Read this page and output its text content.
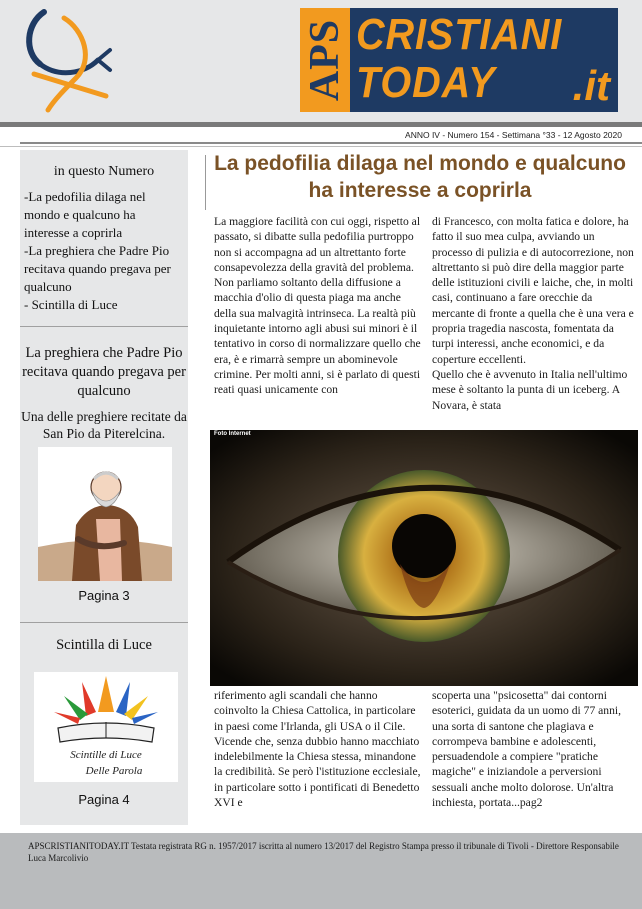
APS CRISTIANI
TODAY .it
ANNO IV - Numero 154 - Settimana °33 - 12 Agosto 2020
in questo Numero
-La pedofilia dilaga nel mondo e qualcuno ha interesse a coprirla
-La preghiera che Padre Pio recitava quando pregava per qualcuno
- Scintilla di Luce
La preghiera che Padre Pio recitava quando pregava per qualcuno
Una delle preghiere recitate da San Pio da Piterelcina.
Pagina 3
Scintilla di Luce
Scintille di Luce
Delle Parola
Pagina 4
La pedofilia dilaga nel mondo e qualcuno ha interesse a coprirla
La maggiore facilità con cui oggi, rispetto al passato, si dibatte sulla pedofilia purtroppo non si accompagna ad un altrettanto forte consapevolezza della gravità del problema. Non parliamo soltanto della diffusione a macchia d'olio di questa piaga ma anche della sua malvagità intrinseca. La realtà più inquietante intorno agli abusi sui minori è il tentativo in corso di normalizzare quello che era, è e rimarrà sempre un abominevole crimine. Per molti anni, si è parlato di questi reati quasi unicamente con
di Francesco, con molta fatica e dolore, ha fatto il suo mea culpa, avviando un processo di pulizia e di autocorrezione, non altrettanto si può dire della maggior parte delle istituzioni civili e laiche, che, in molti casi, continuano a fare orecchie da mercante di fronte a quella che è una vera e propria tragedia nascosta, fomentata da turpi interessi, anche economici, e da coperture eccellenti.
Quello che è avvenuto in Italia nell'ultimo mese è soltanto la punta di un iceberg. A Novara, è stata
Foto Internet
riferimento agli scandali che hanno coinvolto la Chiesa Cattolica, in particolare in paesi come l'Irlanda, gli USA o il Cile. Vicende che, senza dubbio hanno macchiato indelebilmente la Chiesa stessa, minandone la credibilità. Se però l'istituzione ecclesiale, in particolare sotto i pontificati di Benedetto XVI e
scoperta una "psicosetta" dai contorni esoterici, guidata da un uomo di 77 anni, una sorta di santone che plagiava e corrompeva bambine e adolescenti, persuadendole a compiere "pratiche magiche" e iniziandole a perversioni sessuali anche molto dolorose. Un'altra inchiesta, portata...pag2
APSCRISTIANITODAY.IT Testata registrata RG n. 1957/2017 iscritta al numero 13/2017 del Registro Stampa presso il tribunale di Tivoli - Direttore Responsabile Luca Marcolivio
